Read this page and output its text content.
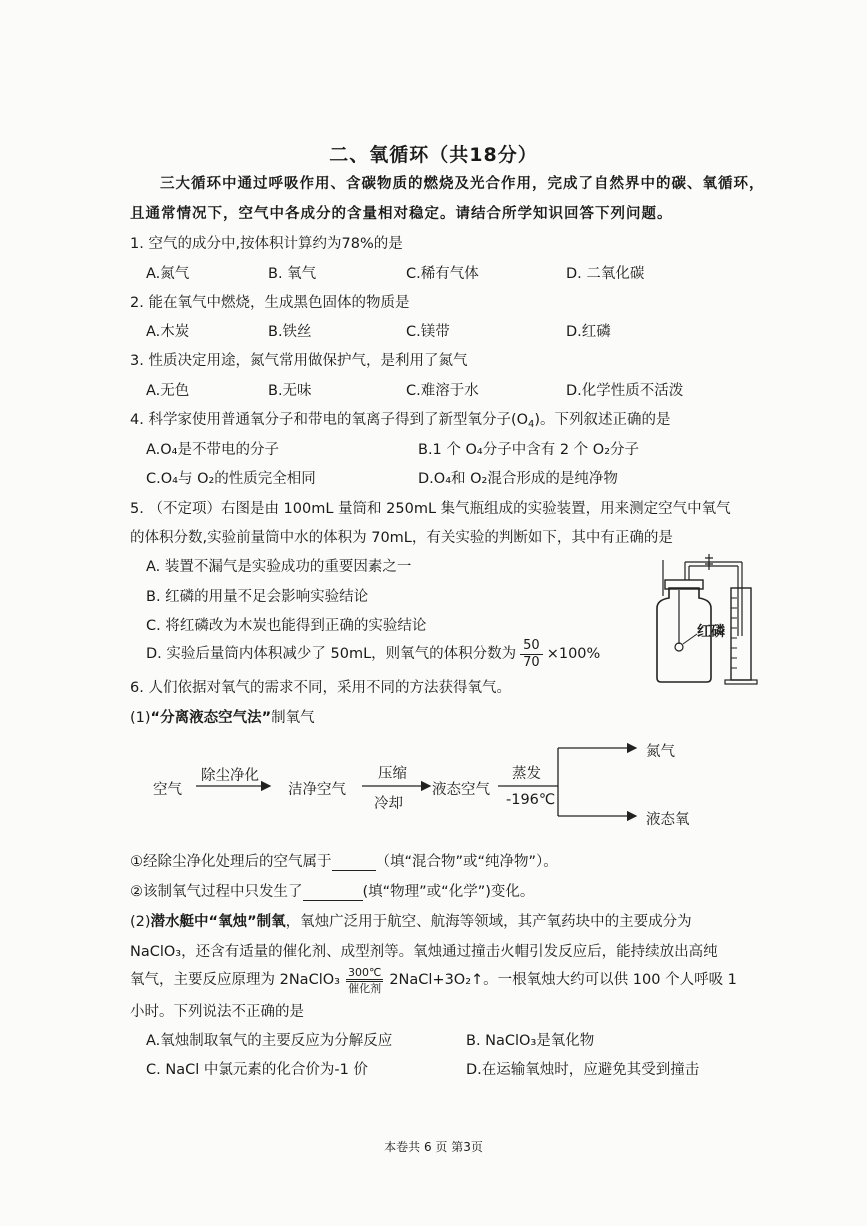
二、氧循环（共18分）
三大循环中通过呼吸作用、含碳物质的燃烧及光合作用，完成了自然界中的碳、氧循环，
且通常情况下，空气中各成分的含量相对稳定。请结合所学知识回答下列问题。
1. 空气的成分中,按体积计算约为78%的是
A.氮气	B. 氧气	C.稀有气体	D. 二氧化碳
2. 能在氧气中燃烧，生成黑色固体的物质是
A.木炭	B.铁丝	C.镁带	D.红磷
3. 性质决定用途，氮气常用做保护气，是利用了氮气
A.无色	B.无味	C.难溶于水	D.化学性质不活泼
4. 科学家使用普通氧分子和带电的氧离子得到了新型氧分子$(O_4)$。下列叙述正确的是
A.O₄是不带电的分子	B.1 个 O₄分子中含有 2 个 O₂分子
C.O₄与 O₂的性质完全相同	D.O₄和 O₂混合形成的是纯净物
5. （不定项）右图是由 100mL 量筒和 250mL 集气瓶组成的实验装置，用来测定空气中氧气
的体积分数,实验前量筒中水的体积为 70mL，有关实验的判断如下，其中有正确的是
A. 装置不漏气是实验成功的重要因素之一
B. 红磷的用量不足会影响实验结论
C. 将红磷改为木炭也能得到正确的实验结论
D. 实验后量筒内体积减少了 50mL，则氧气的体积分数为 $\frac{50}{70} \times 100\%$
红磷
6. 人们依据对氧气的需求不同，采用不同的方法获得氧气。
(1)“分离液态空气法”制氧气
空气
除尘净化
洁净空气
压缩
冷却
液态空气
蒸发
-196℃
氮气
液态氧
①经除尘净化处理后的空气属于	（填“混合物”或“纯净物”）。
②该制氧气过程中只发生了	(填“物理”或“化学”)变化。
(2)潜水艇中“氧烛”制氧，氧烛广泛用于航空、航海等领域，其产氧药块中的主要成分为
NaClO₃，还含有适量的催化剂、成型剂等。氧烛通过撞击火帽引发反应后，能持续放出高纯
氧气，主要反应原理为 2NaClO₃ 300℃
催化剂 2NaCl+3O₂↑。一根氧烛大约可以供 100 个人呼吸 1
小时。下列说法不正确的是
A.氧烛制取氧气的主要反应为分解反应	B. NaClO₃是氧化物
C. NaCl 中氯元素的化合价为-1 价	D.在运输氧烛时，应避免其受到撞击
本卷共 6 页 第3页
